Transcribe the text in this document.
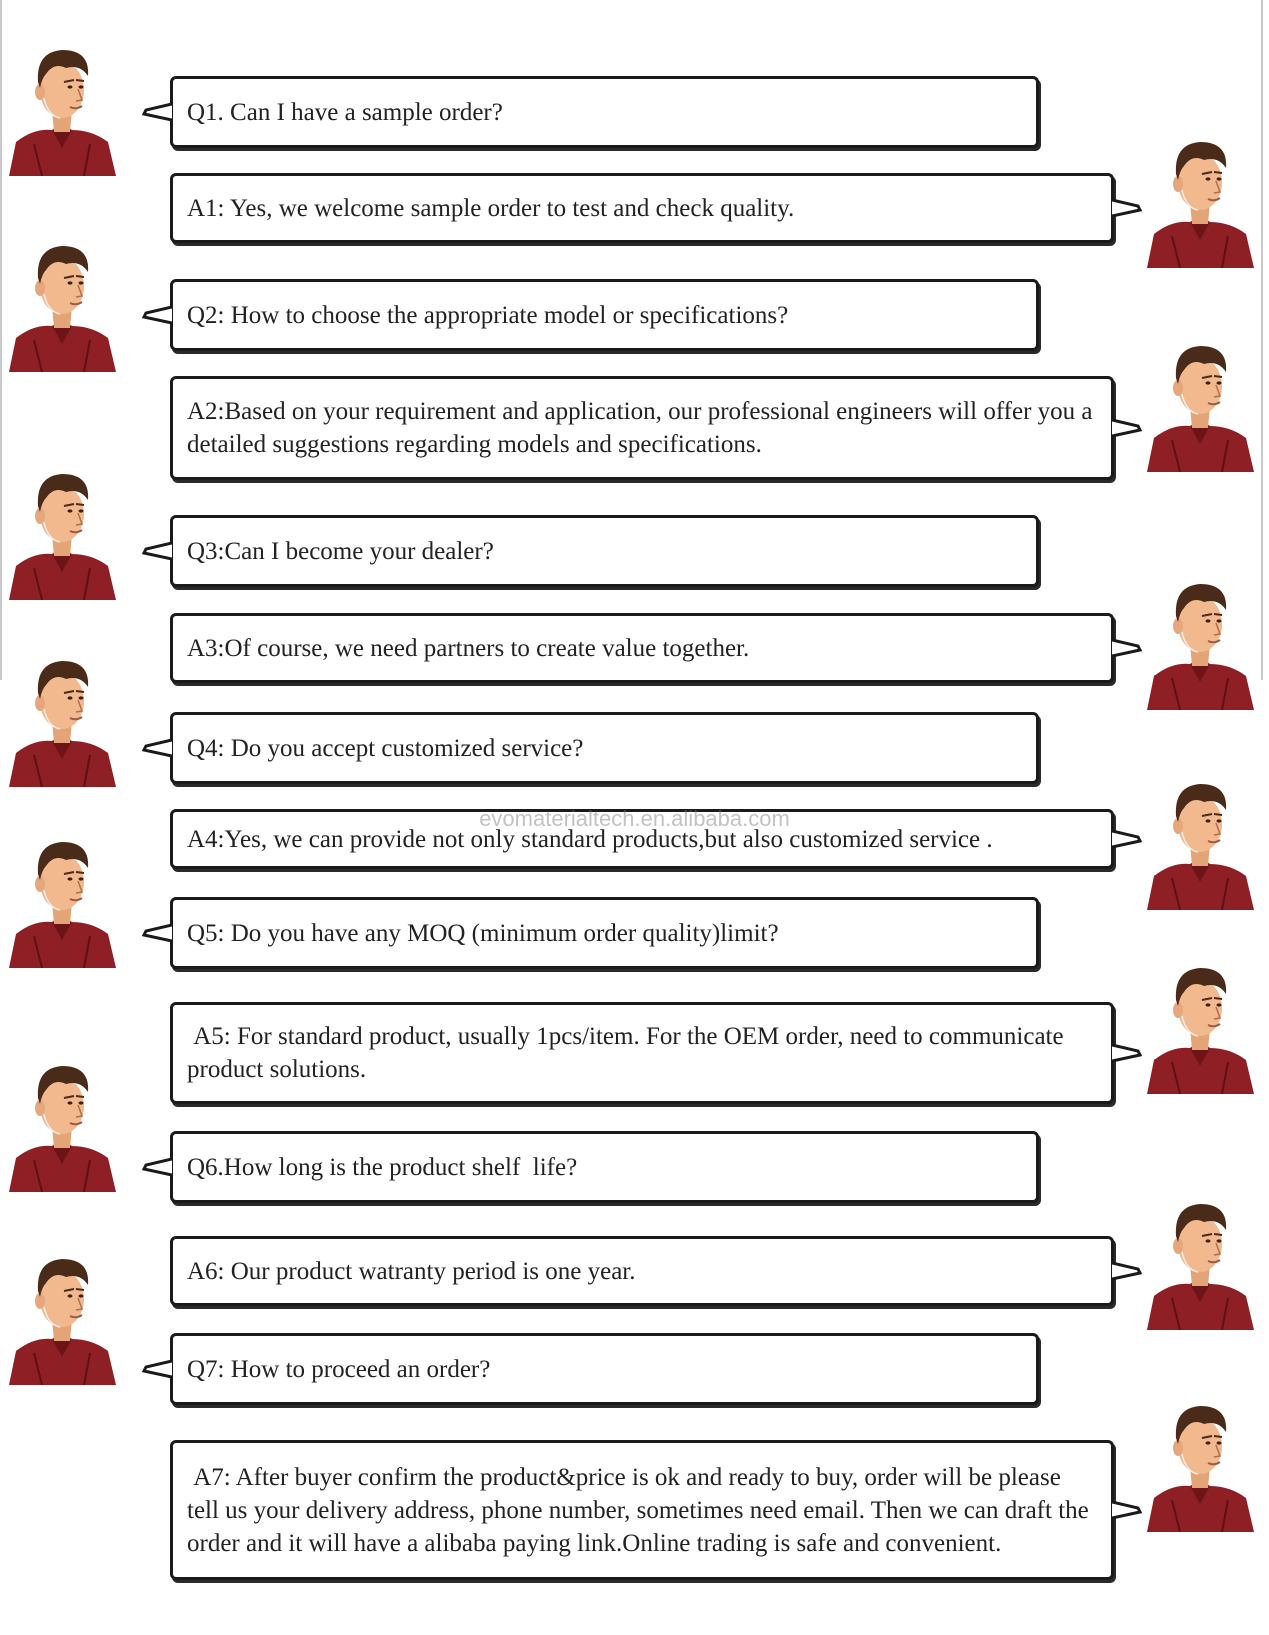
Q1. Can I have a sample order?
A1: Yes, we welcome sample order to test and check quality.
Q2: How to choose the appropriate model or specifications?
A2:Based on your requirement and application, our professional engineers will offer you a detailed suggestions regarding models and specifications.
Q3:Can I become your dealer?
A3:Of course, we need partners to create value together.
Q4: Do you accept customized service?
A4:Yes, we can provide not only standard products,but also customized service .
Q5: Do you have any MOQ (minimum order quality)limit?
A5: For standard product, usually 1pcs/item. For the OEM order, need to communicate product solutions.
Q6.How long is the product shelf  life?
A6: Our product watranty period is one year.
Q7: How to proceed an order?
A7: After buyer confirm the product&price is ok and ready to buy, order will be please tell us your delivery address, phone number, sometimes need email. Then we can draft the order and it will have a alibaba paying link.Online trading is safe and convenient.
evomaterialtech.en.alibaba.com
